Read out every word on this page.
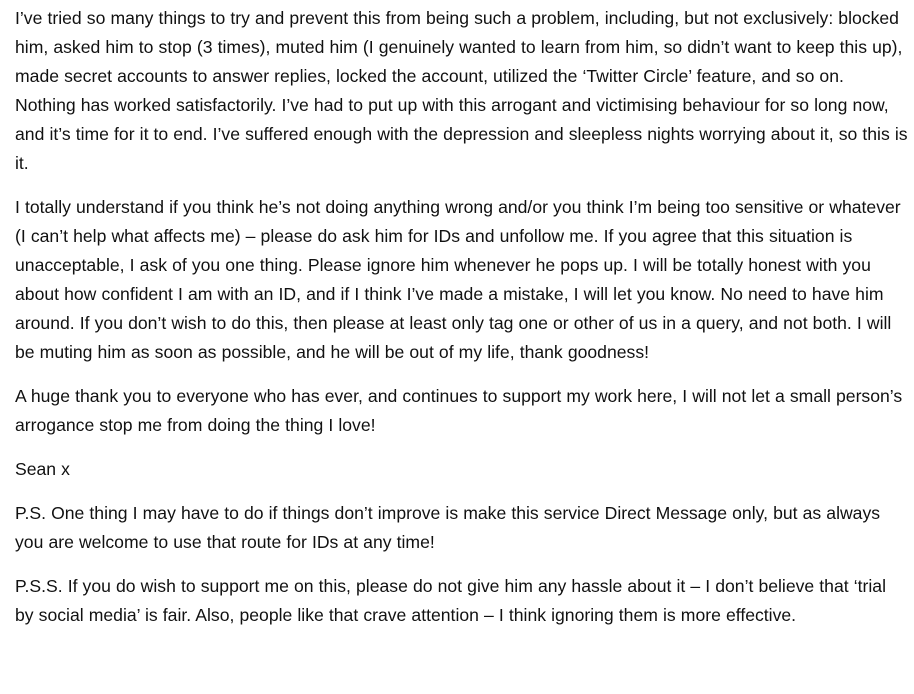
I’ve tried so many things to try and prevent this from being such a problem, including, but not exclusively: blocked him, asked him to stop (3 times), muted him (I genuinely wanted to learn from him, so didn’t want to keep this up), made secret accounts to answer replies, locked the account, utilized the ‘Twitter Circle’ feature, and so on. Nothing has worked satisfactorily. I’ve had to put up with this arrogant and victimising behaviour for so long now, and it’s time for it to end. I’ve suffered enough with the depression and sleepless nights worrying about it, so this is it.

I totally understand if you think he’s not doing anything wrong and/or you think I’m being too sensitive or whatever (I can’t help what affects me) – please do ask him for IDs and unfollow me. If you agree that this situation is unacceptable, I ask of you one thing. Please ignore him whenever he pops up. I will be totally honest with you about how confident I am with an ID, and if I think I’ve made a mistake, I will let you know. No need to have him around. If you don’t wish to do this, then please at least only tag one or other of us in a query, and not both. I will be muting him as soon as possible, and he will be out of my life, thank goodness!

A huge thank you to everyone who has ever, and continues to support my work here, I will not let a small person’s arrogance stop me from doing the thing I love!

Sean x

P.S. One thing I may have to do if things don’t improve is make this service Direct Message only, but as always you are welcome to use that route for IDs at any time!

P.S.S. If you do wish to support me on this, please do not give him any hassle about it – I don’t believe that ‘trial by social media’ is fair. Also, people like that crave attention – I think ignoring them is more effective.
